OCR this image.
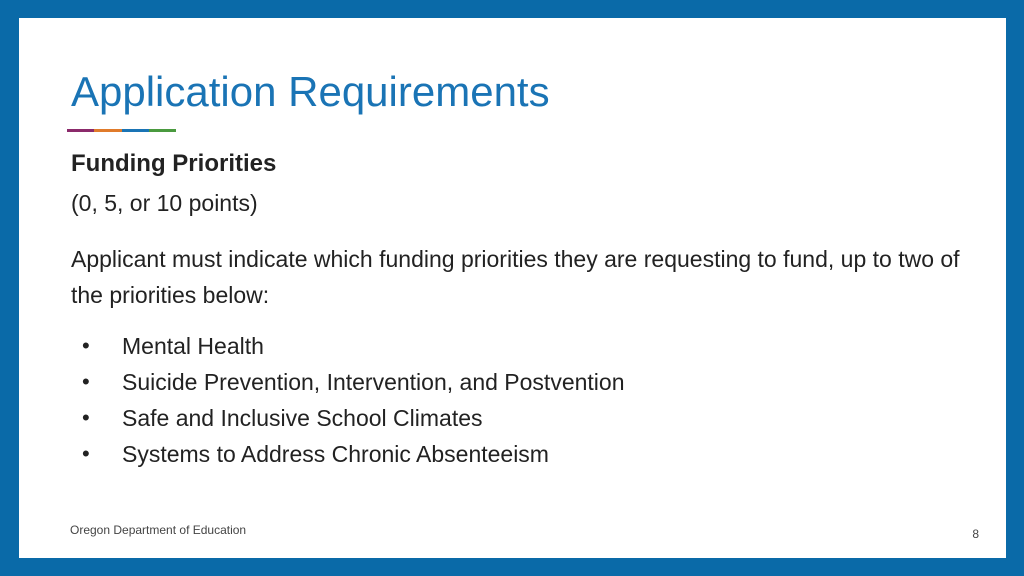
Application Requirements
Funding Priorities
(0, 5, or 10 points)

Applicant must indicate which funding priorities they are requesting to fund, up to two of the priorities below:

• Mental Health
• Suicide Prevention, Intervention, and Postvention
• Safe and Inclusive School Climates
• Systems to Address Chronic Absenteeism
Oregon Department of Education	8
